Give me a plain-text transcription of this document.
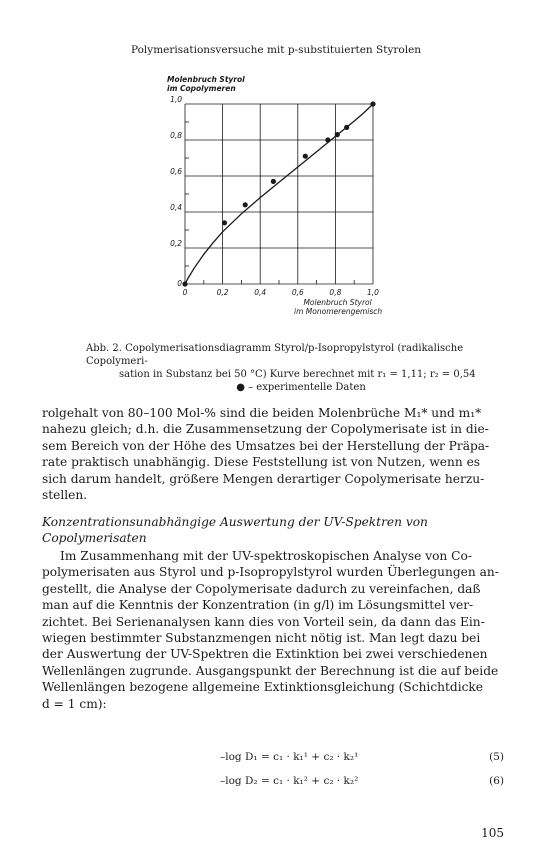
Polymerisationsversuche mit p-substituierten Styrolen
0	0,2	0,4	0,6	0,8	1,0
0
0,2
0,4
0,6
0,8
1,0
Molenbruch Styrol
im Copolymeren
Molenbruch Styrol
im Monomerengemisch
Abb. 2. Copolymerisationsdiagramm Styrol/p-Isopropylstyrol (radikalische Copolymeri-
sation in Substanz bei 50 °C) Kurve berechnet mit r₁ = 1,11; r₂ = 0,54
● – experimentelle Daten

rolgehalt von 80–100 Mol-% sind die beiden Molenbrüche M₁* und m₁*

nahezu gleich; d.h. die Zusammensetzung der Copolymerisate ist in die-

sem Bereich von der Höhe des Umsatzes bei der Herstellung der Präpa-

rate praktisch unabhängig. Diese Feststellung ist von Nutzen, wenn es

sich darum handelt, größere Mengen derartiger Copolymerisate herzu-

stellen.

Konzentrationsunabhängige Auswertung der UV-Spektren von
Copolymerisaten

Im Zusammenhang mit der UV-spektroskopischen Analyse von Co-

polymerisaten aus Styrol und p-Isopropylstyrol wurden Überlegungen an-

gestellt, die Analyse der Copolymerisate dadurch zu vereinfachen, daß

man auf die Kenntnis der Konzentration (in g/l) im Lösungsmittel ver-

zichtet. Bei Serienanalysen kann dies von Vorteil sein, da dann das Ein-

wiegen bestimmter Substanzmengen nicht nötig ist. Man legt dazu bei

der Auswertung der UV-Spektren die Extinktion bei zwei verschiedenen

Wellenlängen zugrunde. Ausgangspunkt der Berechnung ist die auf beide

Wellenlängen bezogene allgemeine Extinktionsgleichung (Schichtdicke

d = 1 cm):

–log D₁ = c₁ · k₁¹ + c₂ · k₂¹	(5)
–log D₂ = c₁ · k₁² + c₂ · k₂²	(6)
105
